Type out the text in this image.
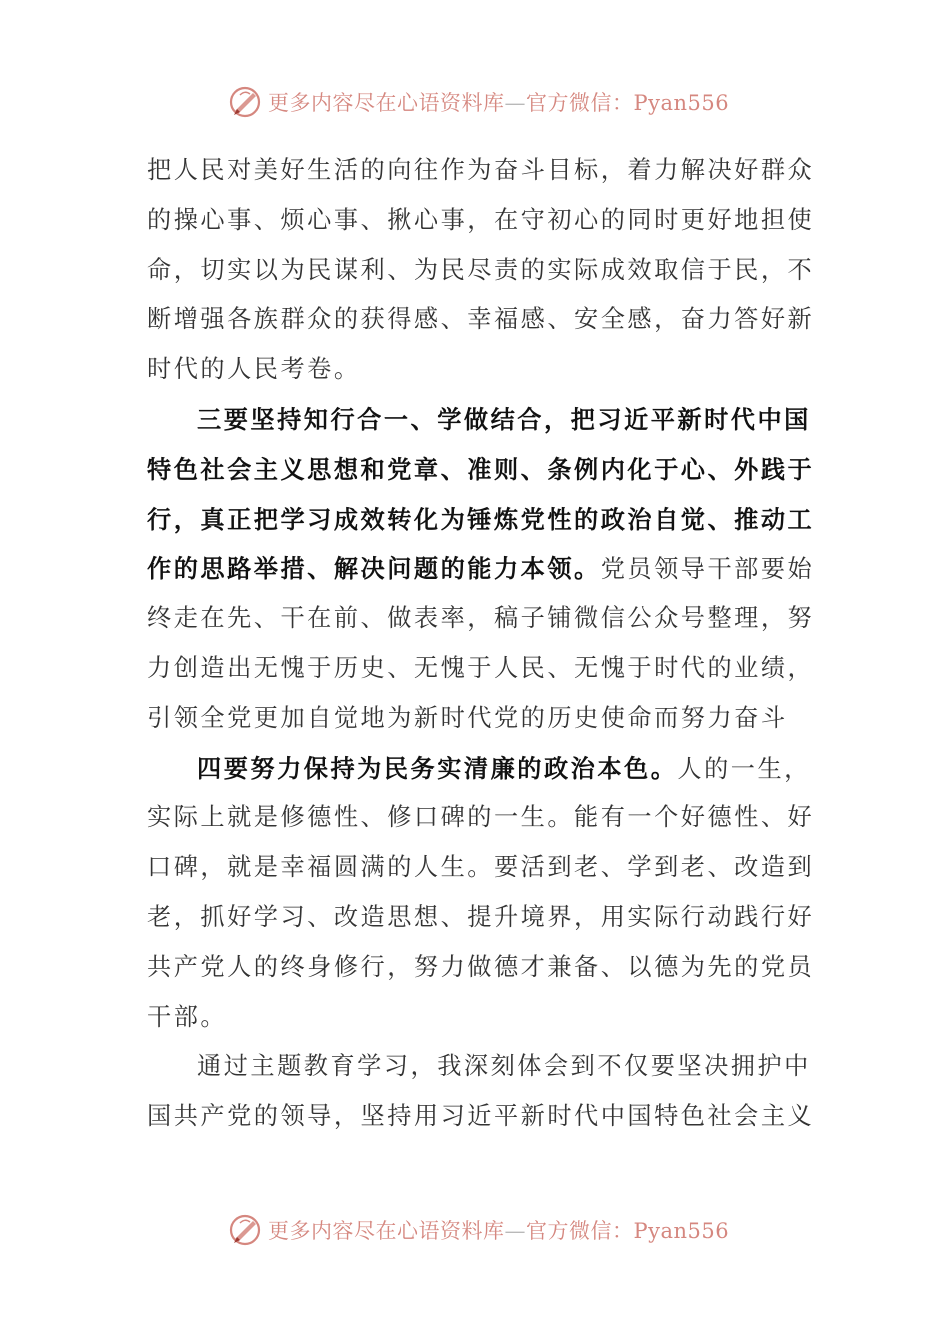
更多内容尽在心语资料库—官方微信：Pyan556
把人民对美好生活的向往作为奋斗目标，着力解决好群众
的操心事、烦心事、揪心事，在守初心的同时更好地担使
命，切实以为民谋利、为民尽责的实际成效取信于民，不
断增强各族群众的获得感、幸福感、安全感，奋力答好新
时代的人民考卷。
三要坚持知行合一、学做结合，把习近平新时代中国
特色社会主义思想和党章、准则、条例内化于心、外践于
行，真正把学习成效转化为锤炼党性的政治自觉、推动工
作的思路举措、解决问题的能力本领。党员领导干部要始
终走在先、干在前、做表率，稿子铺微信公众号整理，努
力创造出无愧于历史、无愧于人民、无愧于时代的业绩，
引领全党更加自觉地为新时代党的历史使命而努力奋斗
四要努力保持为民务实清廉的政治本色。人的一生，
实际上就是修德性、修口碑的一生。能有一个好德性、好
口碑，就是幸福圆满的人生。要活到老、学到老、改造到
老，抓好学习、改造思想、提升境界，用实际行动践行好
共产党人的终身修行，努力做德才兼备、以德为先的党员
干部。
通过主题教育学习，我深刻体会到不仅要坚决拥护中
国共产党的领导，坚持用习近平新时代中国特色社会主义
更多内容尽在心语资料库—官方微信：Pyan556
